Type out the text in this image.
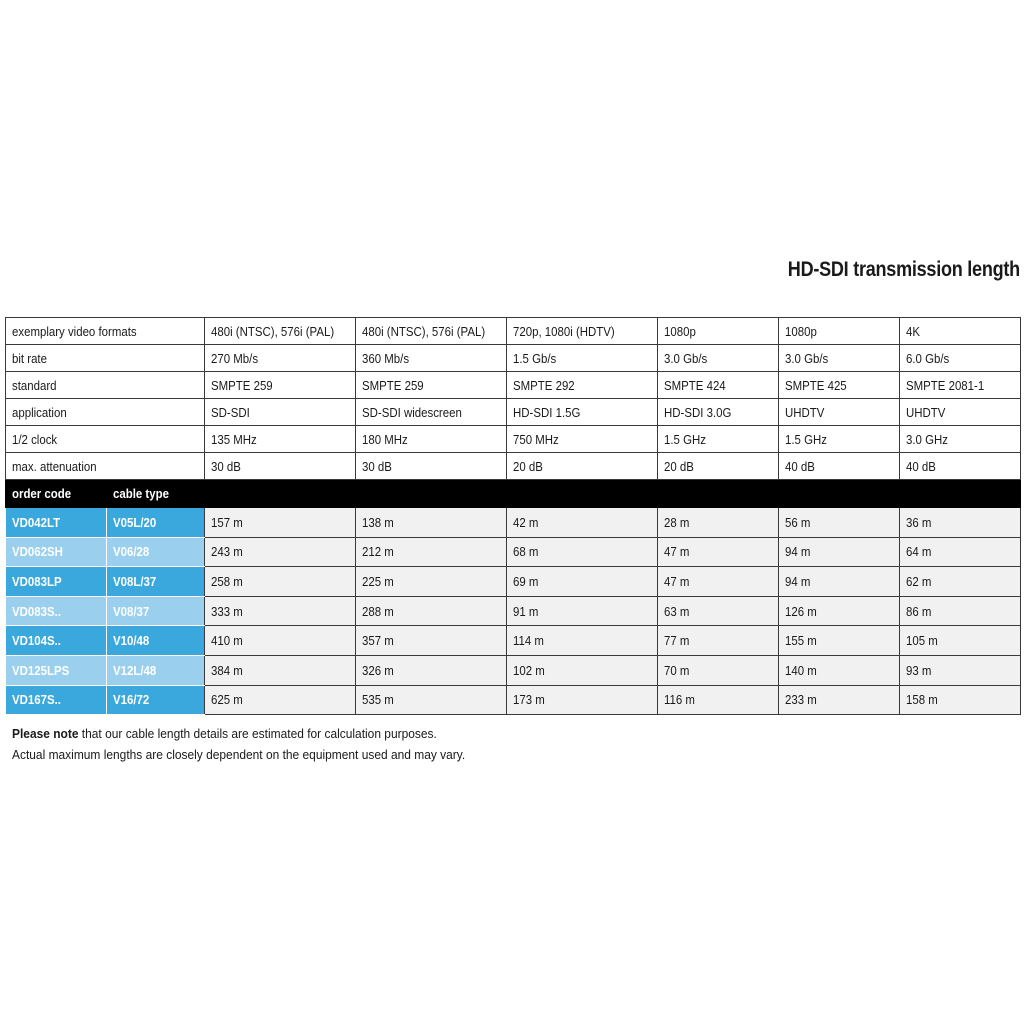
HD-SDI transmission length
exemplary video formats		480i (NTSC), 576i (PAL)	480i (NTSC), 576i (PAL)	720p, 1080i (HDTV)	1080p	1080p	4K
bit rate		270 Mb/s	360 Mb/s	1.5 Gb/s	3.0 Gb/s	3.0 Gb/s	6.0 Gb/s
standard		SMPTE 259	SMPTE 259	SMPTE 292	SMPTE 424	SMPTE 425	SMPTE 2081-1
application		SD-SDI	SD-SDI widescreen	HD-SDI 1.5G	HD-SDI 3.0G	UHDTV	UHDTV
1/2 clock		135 MHz	180 MHz	750 MHz	1.5 GHz	1.5 GHz	3.0 GHz
max. attenuation		30 dB	30 dB	20 dB	20 dB	40 dB	40 dB
order code	cable type						
VD042LT	V05L/20	157 m	138 m	42 m	28 m	56 m	36 m
VD062SH	V06/28	243 m	212 m	68 m	47 m	94 m	64 m
VD083LP	V08L/37	258 m	225 m	69 m	47 m	94 m	62 m
VD083S..	V08/37	333 m	288 m	91 m	63 m	126 m	86 m
VD104S..	V10/48	410 m	357 m	114 m	77 m	155 m	105 m
VD125LPS	V12L/48	384 m	326 m	102 m	70 m	140 m	93 m
VD167S..	V16/72	625 m	535 m	173 m	116 m	233 m	158 m
Please note that our cable length details are estimated for calculation purposes.
Actual maximum lengths are closely dependent on the equipment used and may vary.
